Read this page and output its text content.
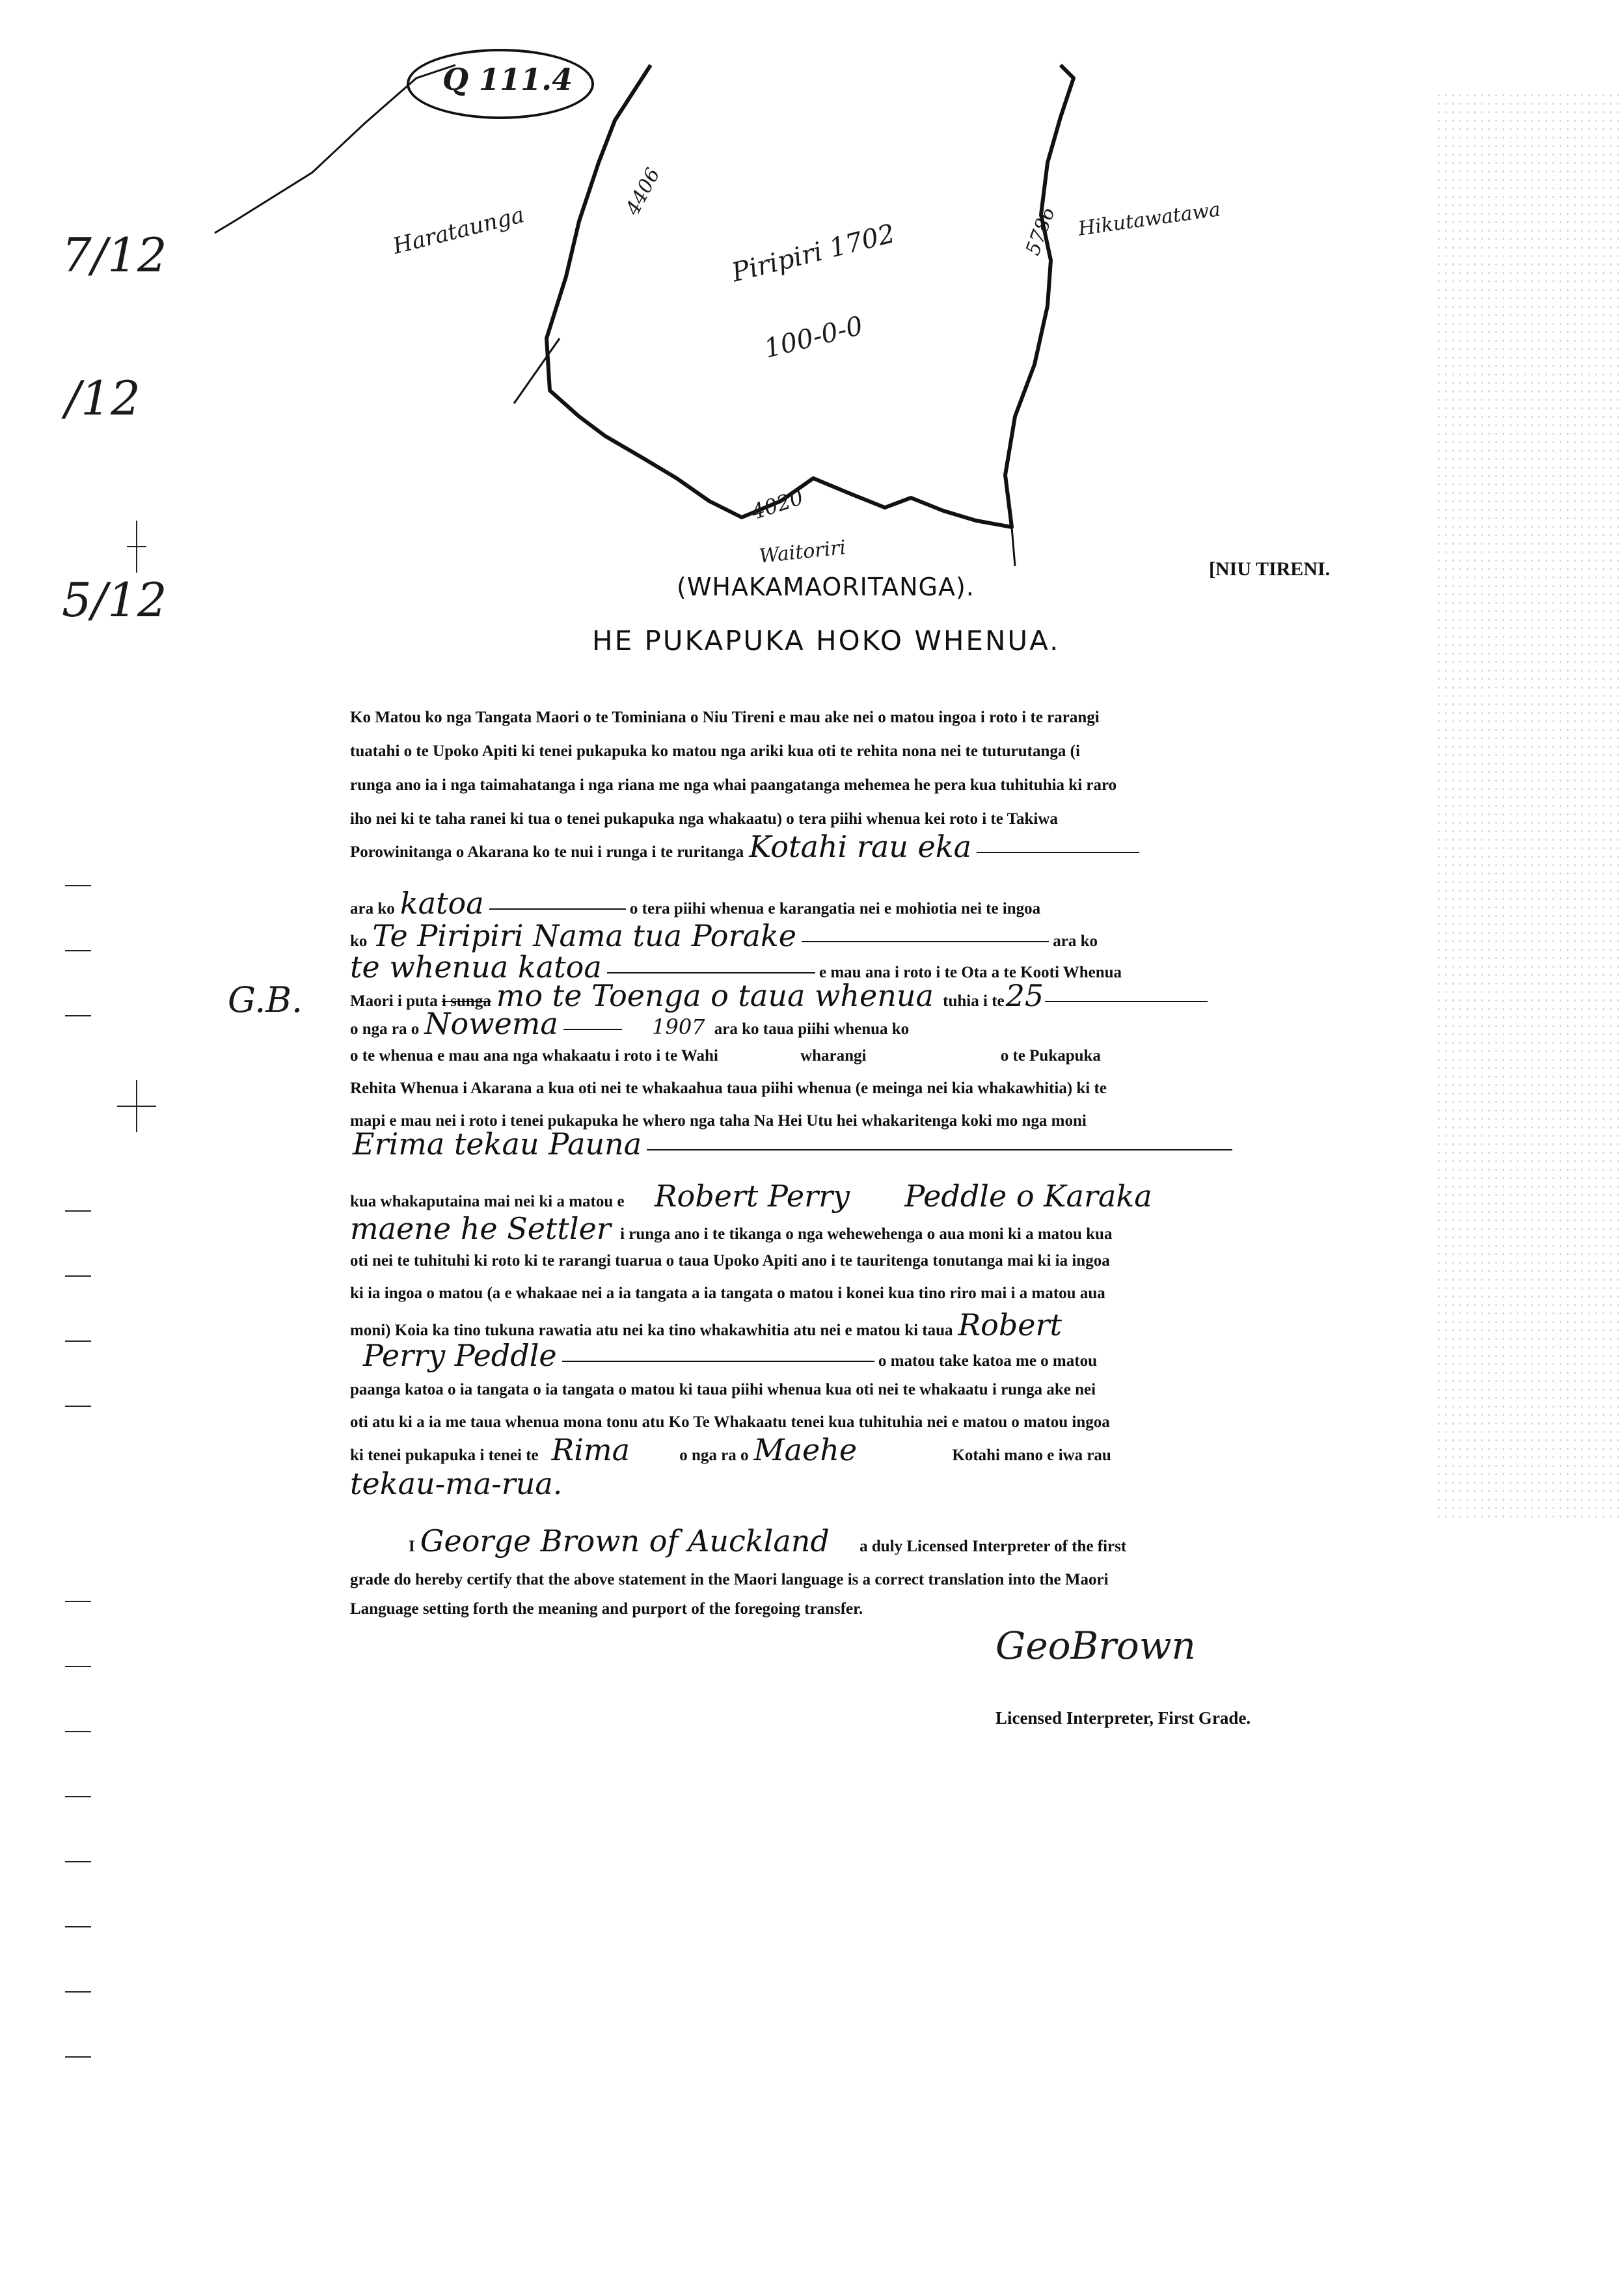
7/12
/12
5/12
G.B.
Q 111.4
Harataunga	Hikutawatawa
Piripiri 1702
100-0-0
Waitoriri
4406
5786
4020
[NIU TIRENI.
(WHAKAMAORITANGA).
HE PUKAPUKA HOKO WHENUA.
Ko Matou ko nga Tangata Maori o te Tominiana o Niu Tireni e mau ake nei o matou ingoa i roto i te rarangi
tuatahi o te Upoko Apiti ki tenei pukapuka ko matou nga ariki kua oti te rehita nona nei te tuturutanga (i
runga ano ia i nga taimahatanga i nga riana me nga whai paangatanga mehemea he pera kua tuhituhia ki raro
iho nei ki te taha ranei ki tua o tenei pukapuka nga whakaatu) o tera piihi whenua kei roto i te Takiwa
Porowinitanga o Akarana ko te nui i runga i te ruritanga Kotahi rau eka
ara ko katoa	o tera piihi whenua e karangatia nei e mohiotia nei te ingoa
ko Te Piripiri Nama tua Porake	ara ko
te whenua katoa	e mau ana i roto i te Ota a te Kooti Whenua
Maori i puta i sunga mo te Toenga o taua whenua tuhia i te25
o nga ra o Nowema	1907 ara ko taua piihi whenua ko
o te whenua e mau ana nga whakaatu i roto i te Wahi	wharangi	o te Pukapuka
Rehita Whenua i Akarana a kua oti nei te whakaahua taua piihi whenua (e meinga nei kia whakawhitia) ki te
mapi e mau nei i roto i tenei pukapuka he whero nga taha Na Hei Utu hei whakaritenga koki mo nga moni
Erima tekau Pauna
kua whakaputaina mai nei ki a matou e Robert Perry Peddle o Karaka
maene he Settler i runga ano i te tikanga o nga wehewehenga o aua moni ki a matou kua
oti nei te tuhituhi ki roto ki te rarangi tuarua o taua Upoko Apiti ano i te tauritenga tonutanga mai ki ia ingoa
ki ia ingoa o matou (a e whakaae nei a ia tangata a ia tangata o matou i konei kua tino riro mai i a matou aua
moni) Koia ka tino tukuna rawatia atu nei ka tino whakawhitia atu nei e matou ki taua Robert
Perry Peddle	o matou take katoa me o matou
paanga katoa o ia tangata o ia tangata o matou ki taua piihi whenua kua oti nei te whakaatu i runga ake nei
oti atu ki a ia me taua whenua mona tonu atu Ko Te Whakaatu tenei kua tuhituhia nei e matou o matou ingoa
ki tenei pukapuka i tenei te Rima	o nga ra o Maehe	Kotahi mano e iwa rau
tekau-ma-rua.
I George Brown of Auckland a duly Licensed Interpreter of the first
grade do hereby certify that the above statement in the Maori language is a correct translation into the Maori
Language setting forth the meaning and purport of the foregoing transfer.
GeoBrown
Licensed Interpreter, First Grade.
